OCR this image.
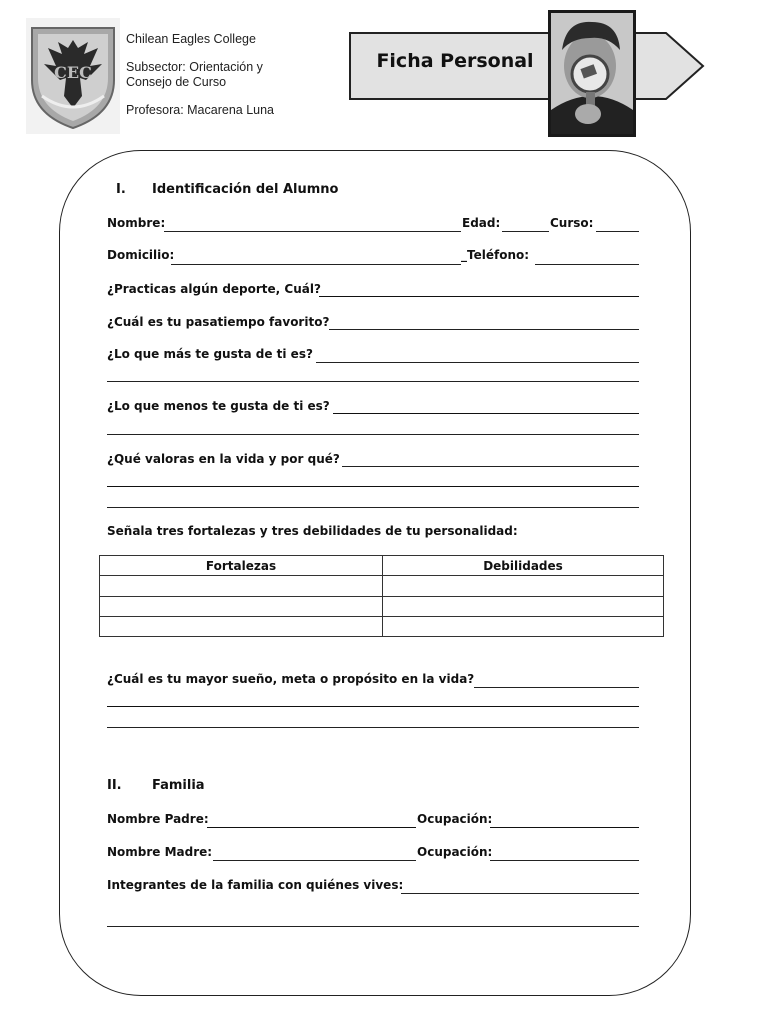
CEC
Chilean Eagles College
Subsector: Orientación y
Consejo de Curso
Profesora: Macarena Luna
Ficha Personal
I. Identificación del Alumno
Nombre:	Edad:	Curso:
Domicilio:	_Teléfono:
¿Practicas algún deporte, Cuál?
¿Cuál es tu pasatiempo favorito?
¿Lo que más te gusta de ti es?
¿Lo que menos te gusta de ti es?
¿Qué valoras en la vida y por qué?
Señala tres fortalezas y tres debilidades de tu personalidad:
Fortalezas	Debilidades

¿Cuál es tu mayor sueño, meta o propósito en la vida?
II. Familia
Nombre Padre:	Ocupación:
Nombre Madre:	Ocupación:
Integrantes de la familia con quiénes vives:
